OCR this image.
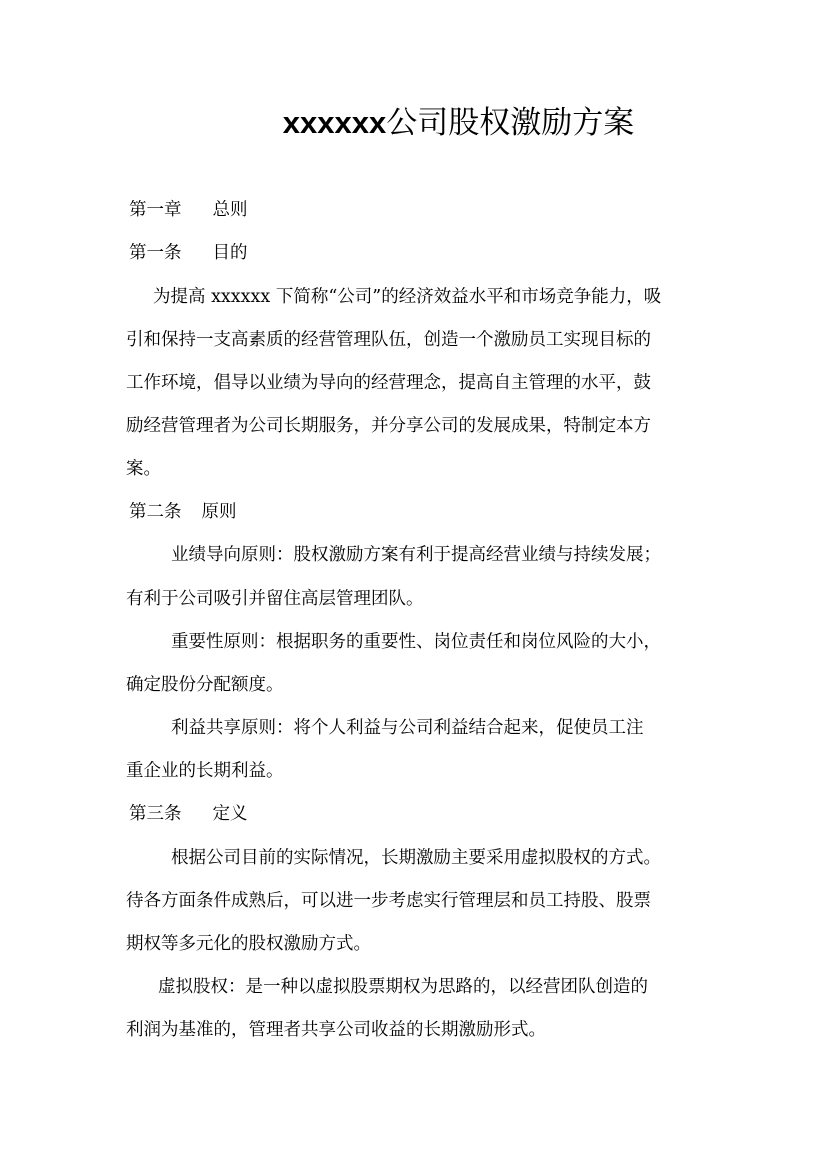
xxxxxx公司股权激励方案
第一章 总则
第一条 目的
为提高 xxxxxx 下简称“公司”的经济效益水平和市场竞争能力，吸
引和保持一支高素质的经营管理队伍，创造一个激励员工实现目标的
工作环境，倡导以业绩为导向的经营理念，提高自主管理的水平，鼓
励经营管理者为公司长期服务，并分享公司的发展成果，特制定本方
案。
第二条 原则
业绩导向原则：股权激励方案有利于提高经营业绩与持续发展；
有利于公司吸引并留住高层管理团队。
重要性原则：根据职务的重要性、岗位责任和岗位风险的大小，
确定股份分配额度。
利益共享原则：将个人利益与公司利益结合起来，促使员工注
重企业的长期利益。
第三条 定义
根据公司目前的实际情况，长期激励主要采用虚拟股权的方式。
待各方面条件成熟后，可以进一步考虑实行管理层和员工持股、股票
期权等多元化的股权激励方式。
虚拟股权：是一种以虚拟股票期权为思路的，以经营团队创造的
利润为基准的，管理者共享公司收益的长期激励形式。
